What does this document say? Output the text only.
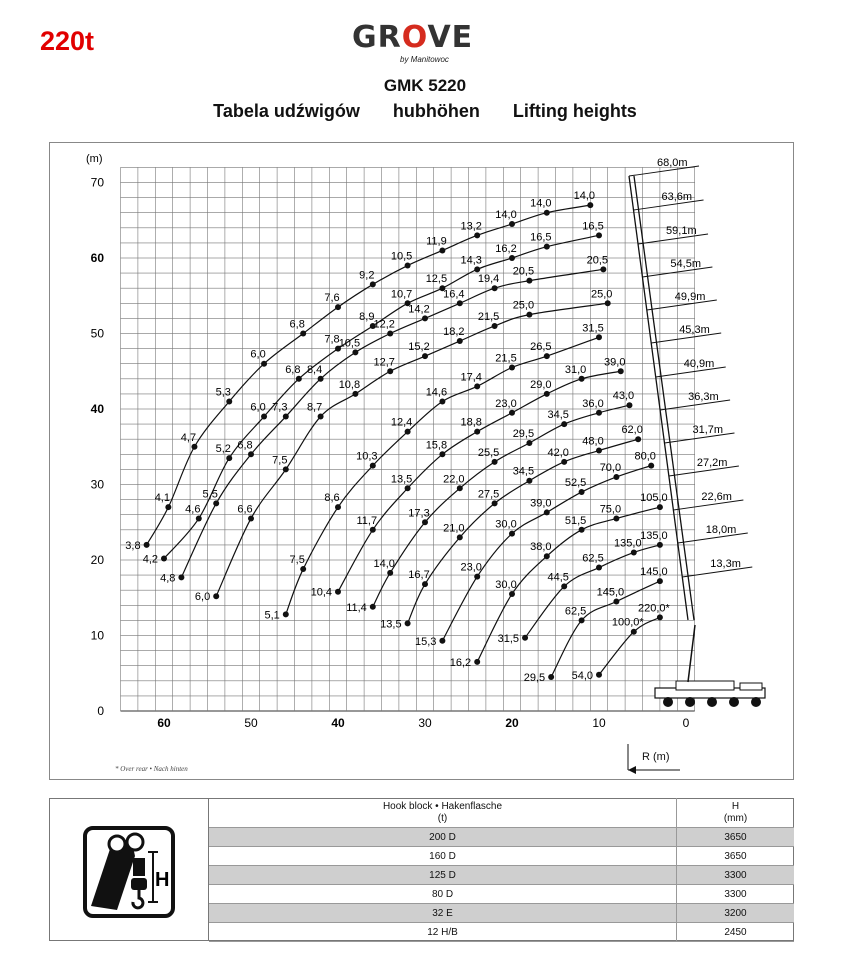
220t	GROVE
by Manitowoc
GMK 5220
Tabela udźwigów hubhöhen Lifting heights
0
10
20
30
40
50
60
70
60	50	40	30	20	10	0
3,8
4,1
4,7
5,3
6,0
6,8
7,6
9,2
10,5
11,9
13,2
14,0
14,0
14,0
4,2
4,6
5,2
6,0
6,8
7,8
8,9
10,7
12,5
14,3
16,2
16,5
16,5
4,8
5,5
6,8
7,3
8,4
10,5
12,2
14,2
16,4
19,4
20,5
20,5
6,0
6,6
7,5
8,7
10,8
12,7
15,2
18,2
21,5
25,0
25,0
5,1
7,5
8,6
10,3
12,4
14,6
17,4
21,5
26,5
31,5
10,4
11,7
13,5
15,8
18,8
23,0
29,0
31,0
39,0
11,4
14,0
17,3
22,0
25,5
29,5
34,5
36,0
43,0
13,5
16,7
21,0
27,5
34,5
42,0
48,0
62,0
15,3
23,0
30,0
39,0
52,5
70,0
80,0
16,2
30,0
38,0
51,5
75,0
105,0
31,5
44,5
62,5
135,0
135,0
29,5
62,5
145,0
145,0
54,0
100,0*
220,0*
68,0m
63,6m
59,1m
54,5m
49,9m
45,3m
40,9m
36,3m
31,7m
27,2m
22,6m
18,0m
13,3m
(m)
R (m)
* Over rear • Nach hinten
H
Hook block • Hakenflasche
(t)	H
(mm)
200 D	3650
160 D	3650
125 D	3300
80 D	3300
32 E	3200
12 H/B	2450
